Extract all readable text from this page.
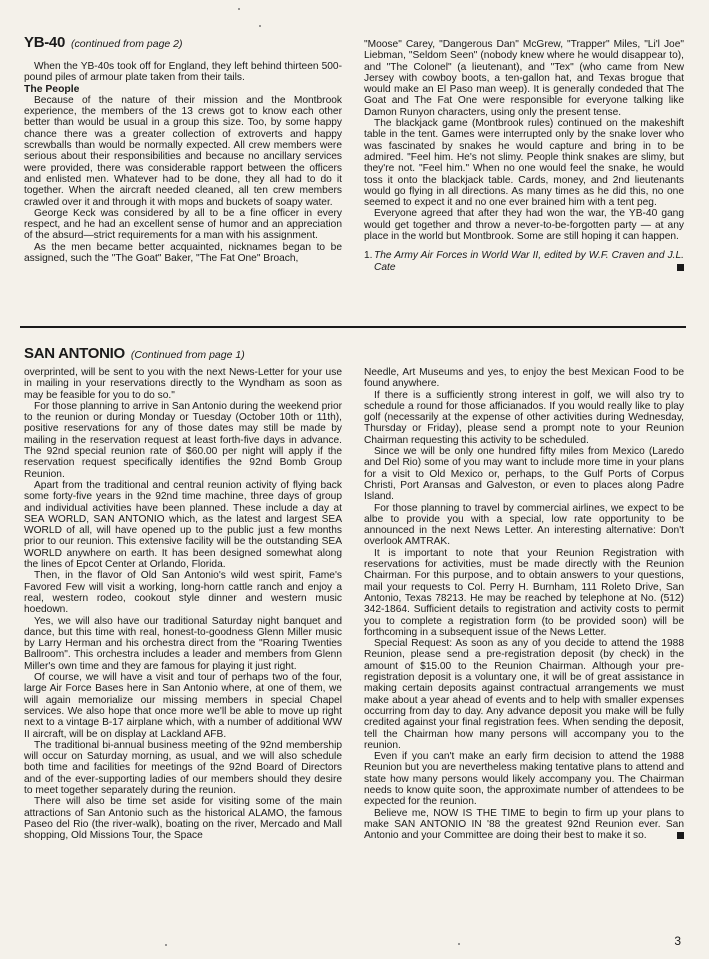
YB-40 (continued from page 2)

When the YB-40s took off for England, they left behind thirteen 500-pound piles of armour plate taken from their tails.

The People

Because of the nature of their mission and the Montbrook experience, the members of the 13 crews got to know each other better than would be usual in a group this size. Too, by some happy chance there was a greater collection of extroverts and happy screwballs than would be normally expected. All crew members were serious about their responsibilities and because no ancillary services were provided, there was considerable rapport between the officers and enlisted men. Whatever had to be done, they all had to do it together. When the aircraft needed cleaned, all ten crew members crawled over it and through it with mops and buckets of soapy water.

George Keck was considered by all to be a fine officer in every respect, and he had an excellent sense of humor and an appreciation of the absurd—strict requirements for a man with his assignment.

As the men became better acquainted, nicknames began to be assigned, such the "The Goat" Baker, "The Fat One" Broach,

"Moose" Carey, "Dangerous Dan" McGrew, "Trapper" Miles, "Li'l Joe" Liebman, "Seldom Seen" (nobody knew where he would disappear to), and "The Colonel" (a lieutenant), and "Tex" (who came from New Jersey with cowboy boots, a ten-gallon hat, and Texas brogue that would make an El Paso man weep). It is generally condeded that The Goat and The Fat One were responsible for everyone talking like Damon Runyon characters, using only the present tense.

The blackjack game (Montbrook rules) continued on the makeshift table in the tent. Games were interrupted only by the snake lover who was fascinated by snakes he would capture and bring in to be admired. "Feel him. He's not slimy. People think snakes are slimy, but they're not. "Feel him." When no one would feel the snake, he would toss it onto the blackjack table. Cards, money, and 2nd lieutenants would go flying in all directions. As many times as he did this, no one seemed to expect it and no one ever brained him with a tent peg.

Everyone agreed that after they had won the war, the YB-40 gang would get together and throw a never-to-be-forgotten party — at any place in the world but Montbrook. Some are still hoping it can happen.

1. The Army Air Forces in World War II, edited by W.F. Craven and J.L. Cate
SAN ANTONIO (Continued from page 1)

overprinted, will be sent to you with the next News-Letter for your use in mailing in your reservations directly to the Wyndham as soon as may be feasible for you to do so."

For those planning to arrive in San Antonio during the weekend prior to the reunion or during Monday or Tuesday (October 10th or 11th), positive reservations for any of those dates may still be made by mailing in the reservation request at least forth-five days in advance. The 92nd special reunion rate of $60.00 per night will apply if the reservation request specifically identifies the 92nd Bomb Group Reunion.

Apart from the traditional and central reunion activity of flying back some forty-five years in the 92nd time machine, three days of group and individual activities have been planned. These include a day at SEA WORLD, SAN ANTONIO which, as the latest and largest SEA WORLD of all, will have opened up to the public just a few months prior to our reunion. This extensive facility will be the outstanding SEA WORLD anywhere on earth. It has been designed somewhat along the lines of Epcot Center at Orlando, Florida.

Then, in the flavor of Old San Antonio's wild west spirit, Fame's Favored Few will visit a working, long-horn cattle ranch and enjoy a real, western rodeo, cookout style dinner and western music hoedown.

Yes, we will also have our traditional Saturday night banquet and dance, but this time with real, honest-to-goodness Glenn Miller music by Larry Herman and his orchestra direct from the "Roaring Twenties Ballroom". This orchestra includes a leader and members from Glenn Miller's own time and they are famous for playing it just right.

Of course, we will have a visit and tour of perhaps two of the four, large Air Force Bases here in San Antonio where, at one of them, we will again memorialize our missing members in special Chapel services. We also hope that once more we'll be able to move up right next to a vintage B-17 airplane which, with a number of additional WW II aircraft, will be on display at Lackland AFB.

The traditional bi-annual business meeting of the 92nd membership will occur on Saturday morning, as usual, and we will also schedule both time and facilities for meetings of the 92nd Board of Directors and of the ever-supporting ladies of our members should they desire to meet together separately during the reunion.

There will also be time set aside for visiting some of the main attractions of San Antonio such as the historical ALAMO, the famous Paseo del Rio (the river-walk), boating on the river, Mercado and Mall shopping, Old Missions Tour, the Space

Needle, Art Museums and yes, to enjoy the best Mexican Food to be found anywhere.

If there is a sufficiently strong interest in golf, we will also try to schedule a round for those afficianados. If you would really like to play golf (necessarily at the expense of other activities during Wednesday, Thursday or Friday), please send a prompt note to your Reunion Chairman requesting this activity to be scheduled.

Since we will be only one hundred fifty miles from Mexico (Laredo and Del Rio) some of you may want to include more time in your plans for a visit to Old Mexico or, perhaps, to the Gulf Ports of Corpus Christi, Port Aransas and Galveston, or even to places along Padre Island.

For those planning to travel by commercial airlines, we expect to be albe to provide you with a special, low rate opportunity to be announced in the next News Letter. An interesting alternative: Don't overlook AMTRAK.

It is important to note that your Reunion Registration with reservations for activities, must be made directly with the Reunion Chairman. For this purpose, and to obtain answers to your questions, mail your requests to Col. Perry H. Burnham, 111 Roleto Drive, San Antonio, Texas 78213. He may be reached by telephone at No. (512) 342-1864. Sufficient details to registration and activity costs to permit you to complete a registration form (to be provided soon) will be forthcoming in a subsequent issue of the News Letter.

Special Request: As soon as any of you decide to attend the 1988 Reunion, please send a pre-registration deposit (by check) in the amount of $15.00 to the Reunion Chairman. Although your pre-registration deposit is a voluntary one, it will be of great assistance in making certain deposits against contractual arrangements we must make about a year ahead of events and to help with smaller expenses occurring from day to day. Any advance deposit you make will be fully credited against your final registration fees. When sending the deposit, tell the Chairman how many persons will accompany you to the reunion.

Even if you can't make an early firm decision to attend the 1988 Reunion but you are nevertheless making tentative plans to attend and state how many persons would likely accompany you. The Chairman needs to know quite soon, the approximate number of attendees to be expected for the reunion.

Believe me, NOW IS THE TIME to begin to firm up your plans to make SAN ANTONIO IN '88 the greatest 92nd Reunion ever. San Antonio and your Committee are doing their best to make it so.

3
